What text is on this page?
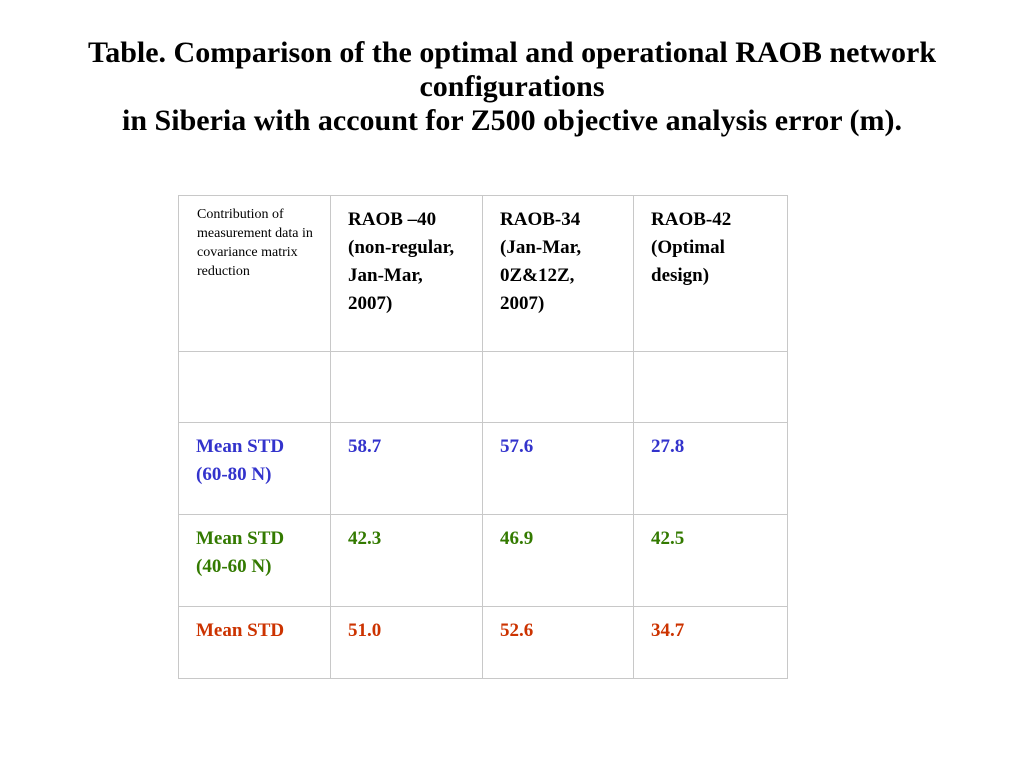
Table. Comparison of the optimal and operational RAOB network
configurations
in Siberia with account for Z500 objective analysis error (m).
Contribution of measurement data in covariance matrix reduction	RAOB –40 (non-regular, Jan-Mar, 2007)	RAOB-34 (Jan-Mar, 0Z&12Z, 2007)	RAOB-42 (Optimal design)

Mean STD (60-80 N)	58.7	57.6	27.8
Mean STD (40-60 N)	42.3	46.9	42.5
Mean STD	51.0	52.6	34.7
